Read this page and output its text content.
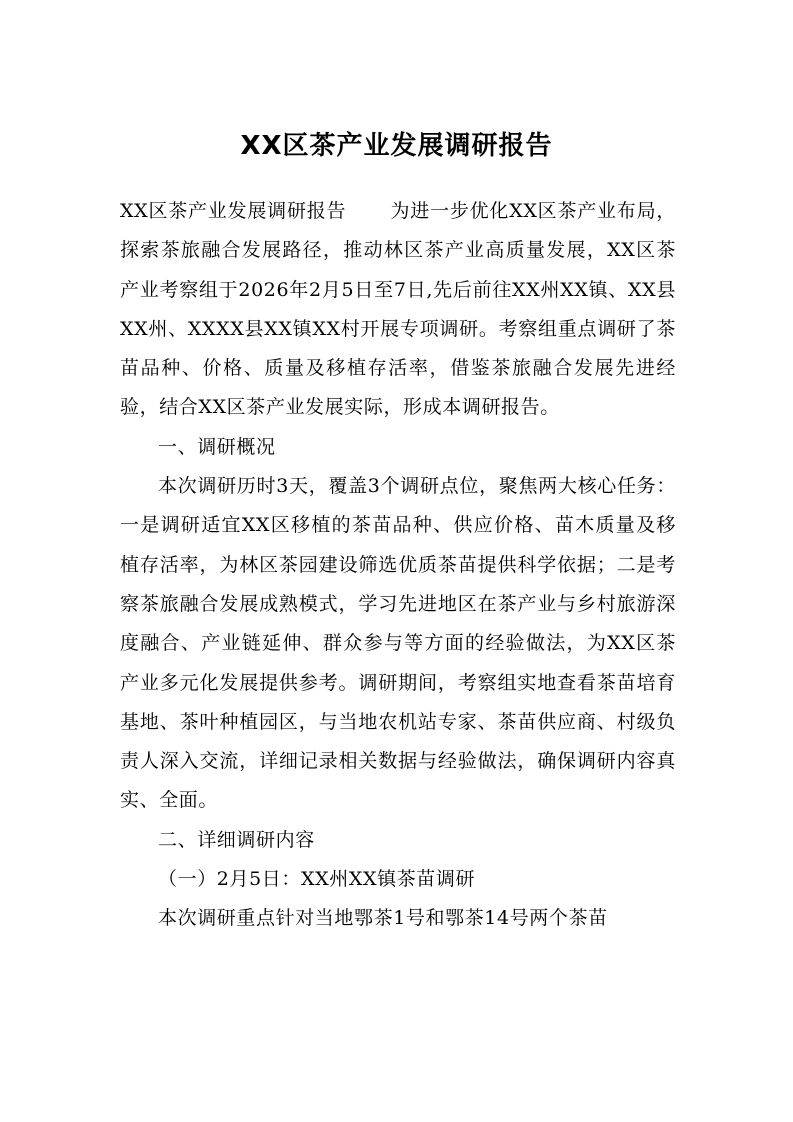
XX区茶产业发展调研报告

XX区茶产业发展调研报告 为进一步优化XX区茶产业布局，探索茶旅融合发展路径，推动林区茶产业高质量发展，XX区茶产业考察组于2026年2月5日至7日,先后前往XX州XX镇、XX县XX州、XXXX县XX镇XX村开展专项调研。考察组重点调研了茶苗品种、价格、质量及移植存活率，借鉴茶旅融合发展先进经验，结合XX区茶产业发展实际，形成本调研报告。

一、调研概况

本次调研历时3天，覆盖3个调研点位，聚焦两大核心任务：一是调研适宜XX区移植的茶苗品种、供应价格、苗木质量及移植存活率，为林区茶园建设筛选优质茶苗提供科学依据；二是考察茶旅融合发展成熟模式，学习先进地区在茶产业与乡村旅游深度融合、产业链延伸、群众参与等方面的经验做法，为XX区茶产业多元化发展提供参考。调研期间，考察组实地查看茶苗培育基地、茶叶种植园区，与当地农机站专家、茶苗供应商、村级负责人深入交流，详细记录相关数据与经验做法，确保调研内容真实、全面。

二、详细调研内容

（一）2月5日：XX州XX镇茶苗调研

本次调研重点针对当地鄂茶1号和鄂茶14号两个茶苗
